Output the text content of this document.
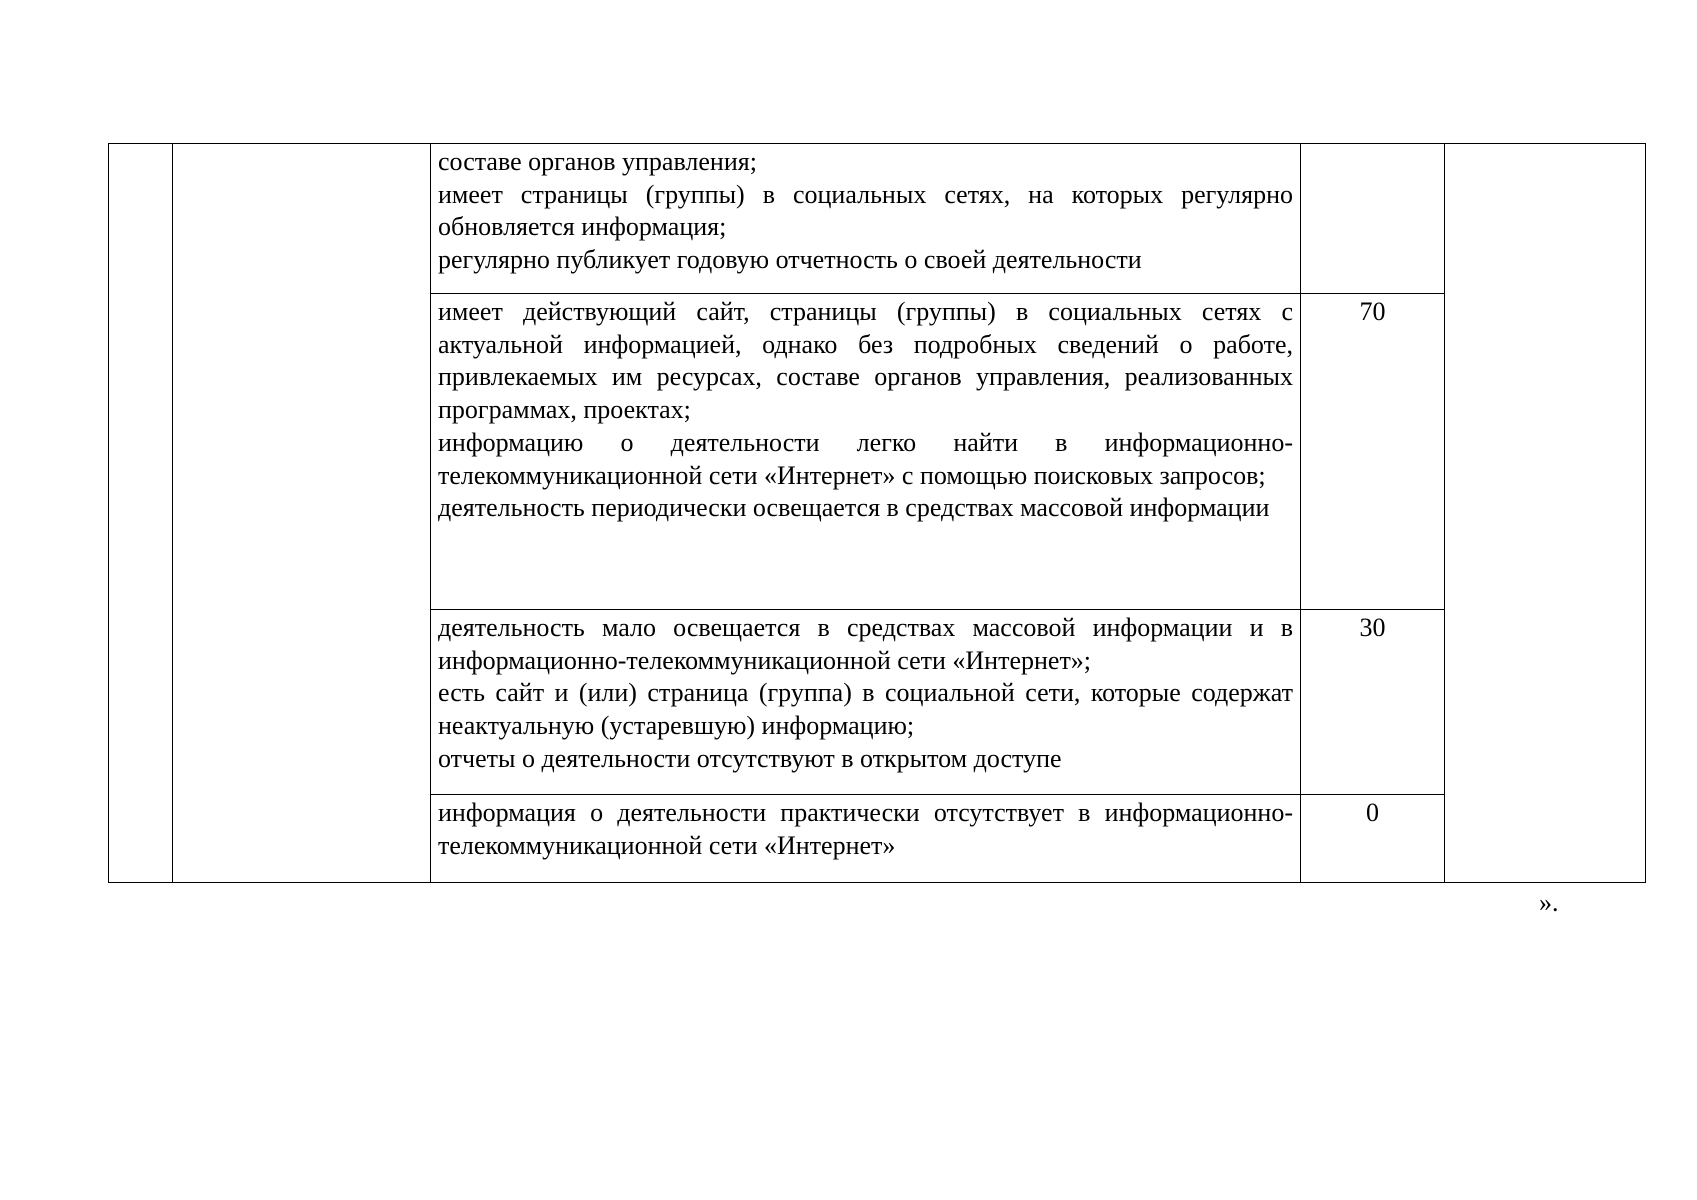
		составе органов управления;
имеет страницы (группы) в социальных сетях, на которых регулярно обновляется информация;
регулярно публикует годовую отчетность о своей деятельности		

		имеет действующий сайт, страницы (группы) в социальных сетях с актуальной информацией, однако без подробных сведений о работе, привлекаемых им ресурсах, составе органов управления, реализованных программах, проектах;
информацию о деятельности легко найти в информационно-телекоммуникационной сети «Интернет» с помощью поисковых запросов;
деятельность периодически освещается в средствах массовой информации	70	

		деятельность мало освещается в средствах массовой информации и в информационно-телекоммуникационной сети «Интернет»;
есть сайт и (или) страница (группа) в социальной сети, которые содержат неактуальную (устаревшую) информацию;
отчеты о деятельности отсутствуют в открытом доступе	30	

		информация о деятельности практически отсутствует в информационно-телекоммуникационной сети «Интернет»	0	
».
